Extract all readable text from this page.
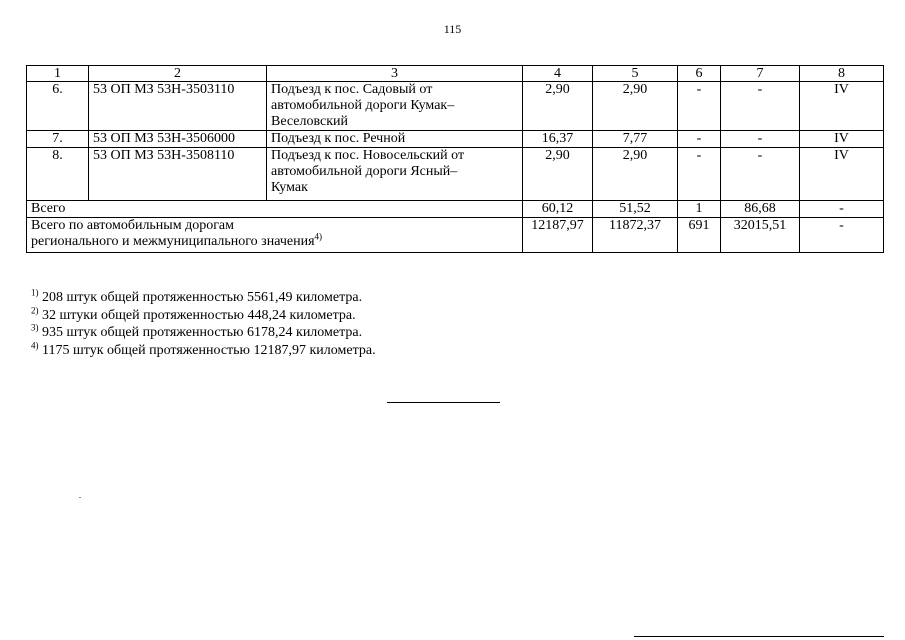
115
1	2	3	4	5	6	7	8
6.	53 ОП МЗ 53Н-3503110	Подъезд к пос. Садовый от
автомобильной дороги Кумак–
Веселовский	2,90	2,90	-	-	IV
7.	53 ОП МЗ 53Н-3506000	Подъезд к пос. Речной	16,37	7,77	-	-	IV
8.	53 ОП МЗ 53Н-3508110	Подъезд к пос. Новосельский от
автомобильной дороги Ясный–
Кумак	2,90	2,90	-	-	IV
Всего			60,12	51,52	1	86,68	-

Всего по автомобильным дорогам
регионального и межмуниципального значения$^{4)}$			12187,97	11872,37	691	32015,51	-
$^{1)}$ 208 штук общей протяженностью 5561,49 километра.
$^{2)}$ 32 штуки общей протяженностью 448,24 километра.
$^{3)}$ 935 штук общей протяженностью 6178,24 километра.
$^{4)}$ 1175 штук общей протяженностью 12187,97 километра.
